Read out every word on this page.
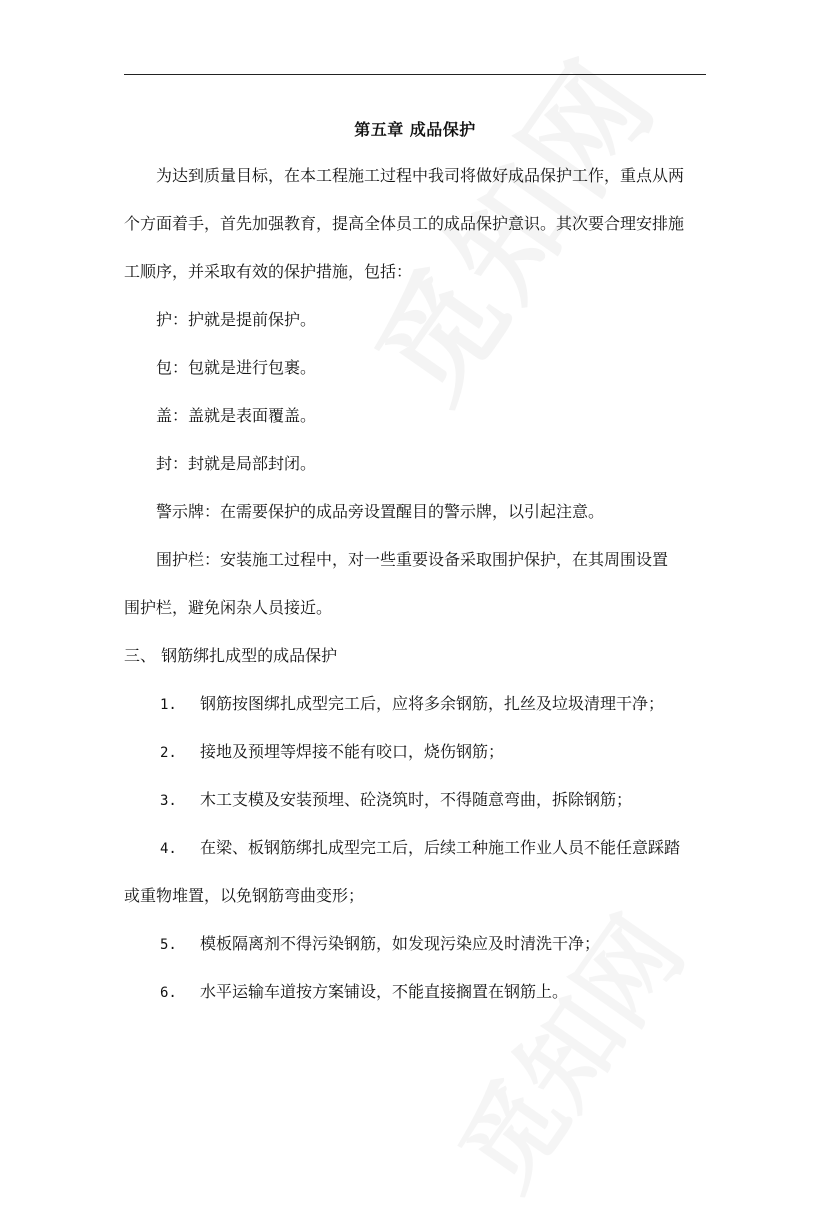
第五章 成品保护
为达到质量目标，在本工程施工过程中我司将做好成品保护工作，重点从两
个方面着手，首先加强教育，提高全体员工的成品保护意识。其次要合理安排施
工顺序，并采取有效的保护措施，包括：
护：护就是提前保护。
包：包就是进行包裹。
盖：盖就是表面覆盖。
封：封就是局部封闭。
警示牌：在需要保护的成品旁设置醒目的警示牌，以引起注意。
围护栏：安装施工过程中，对一些重要设备采取围护保护，在其周围设置
围护栏，避免闲杂人员接近。
三、 钢筋绑扎成型的成品保护
1. 钢筋按图绑扎成型完工后，应将多余钢筋，扎丝及垃圾清理干净；
2. 接地及预埋等焊接不能有咬口，烧伤钢筋；
3. 木工支模及安装预埋、砼浇筑时，不得随意弯曲，拆除钢筋；
4. 在梁、板钢筋绑扎成型完工后，后续工种施工作业人员不能任意踩踏
或重物堆置，以免钢筋弯曲变形；
5. 模板隔离剂不得污染钢筋，如发现污染应及时清洗干净；
6. 水平运输车道按方案铺设，不能直接搁置在钢筋上。
